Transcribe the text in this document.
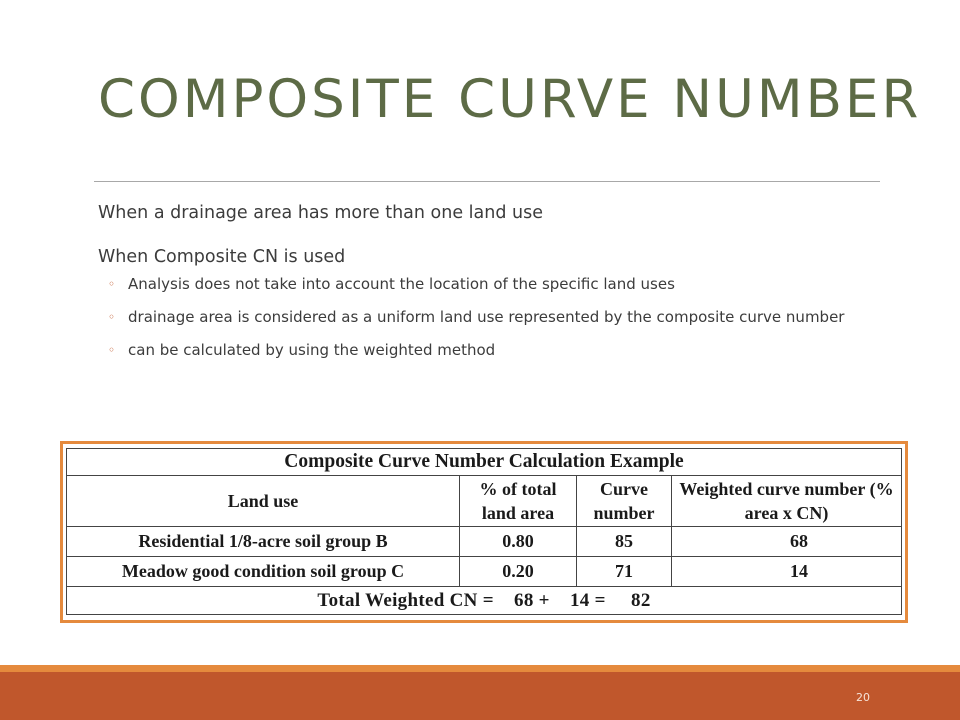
COMPOSITE CURVE NUMBER

When a drainage area has more than one land use

When Composite CN is used

◦ Analysis does not take into account the location of the specific land uses
◦ drainage area is considered as a uniform land use represented by the composite curve number
◦ can be calculated by using the weighted method
Composite Curve Number Calculation Example			
Land use	% of total land area	Curve number	Weighted curve number (% area x CN)
Residential 1/8-acre soil group B	0.80	85	68
Meadow good condition soil group C	0.20	71	14
Total Weighted CN =    68 +    14 =     82			
20
